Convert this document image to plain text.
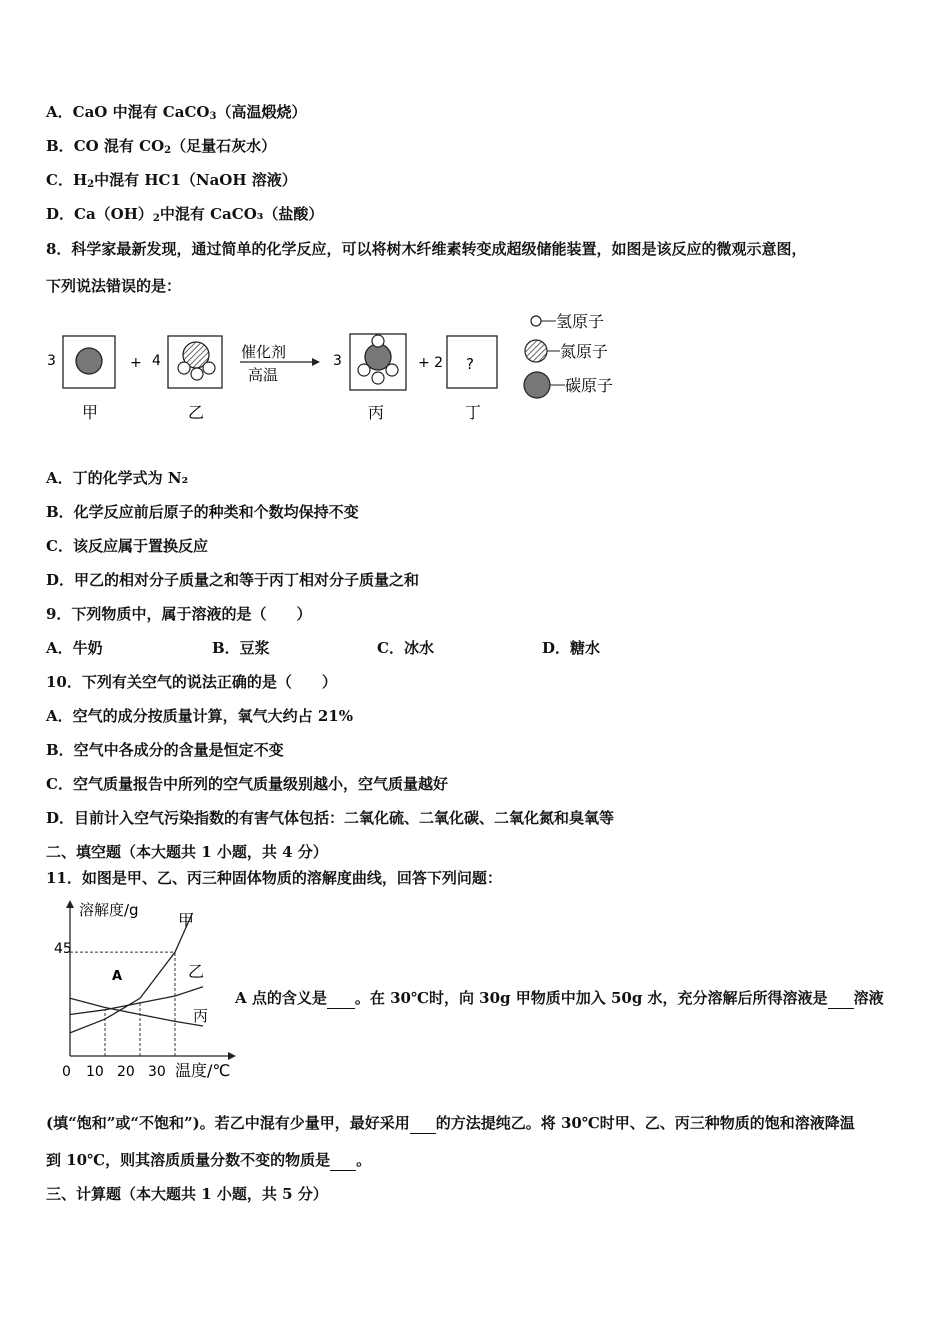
A．CaO 中混有 CaCO$_3$（高温煅烧）
B．CO 混有 $CO_2$（足量石灰水）
C．$H_2$中混有 HC1（NaOH 溶液）
D．$Ca(OH)_2$中混有 CaCO₃（盐酸）
8．科学家最新发现，通过简单的化学反应，可以将树木纤维素转变成超级储能装置，如图是该反应的微观示意图，
下列说法错误的是：
3	+ 4	催化剂
高温
3	+ 2 ?
甲	乙	丙	丁
氢原子
氮原子
碳原子
A．丁的化学式为 N₂
B．化学反应前后原子的种类和个数均保持不变
C．该反应属于置换反应
D．甲乙的相对分子质量之和等于丙丁相对分子质量之和
9．下列物质中，属于溶液的是（　　）
A．牛奶	B．豆浆	C．冰水	D．糖水
10．下列有关空气的说法正确的是（　　）
A．空气的成分按质量计算，氧气大约占 21%
B．空气中各成分的含量是恒定不变
C．空气质量报告中所列的空气质量级别越小，空气质量越好
D．目前计入空气污染指数的有害气体包括：二氧化硫、二氧化碳、二氧化氮和臭氧等
二、填空题（本大题共 1 小题，共 4 分）
11．如图是甲、乙、丙三种固体物质的溶解度曲线，回答下列问题：
溶解度/g
温度/℃
45
0 10 20 30
甲
乙
丙
A
A 点的含义是 。在 30℃时，向 30g 甲物质中加入 50g 水，充分溶解后所得溶液是 溶液
(填“饱和”或“不饱和”)。若乙中混有少量甲，最好采用 的方法提纯乙。将 30℃时甲、乙、丙三种物质的饱和溶液降温
到 10℃，则其溶质质量分数不变的物质是 。
三、计算题（本大题共 1 小题，共 5 分）
